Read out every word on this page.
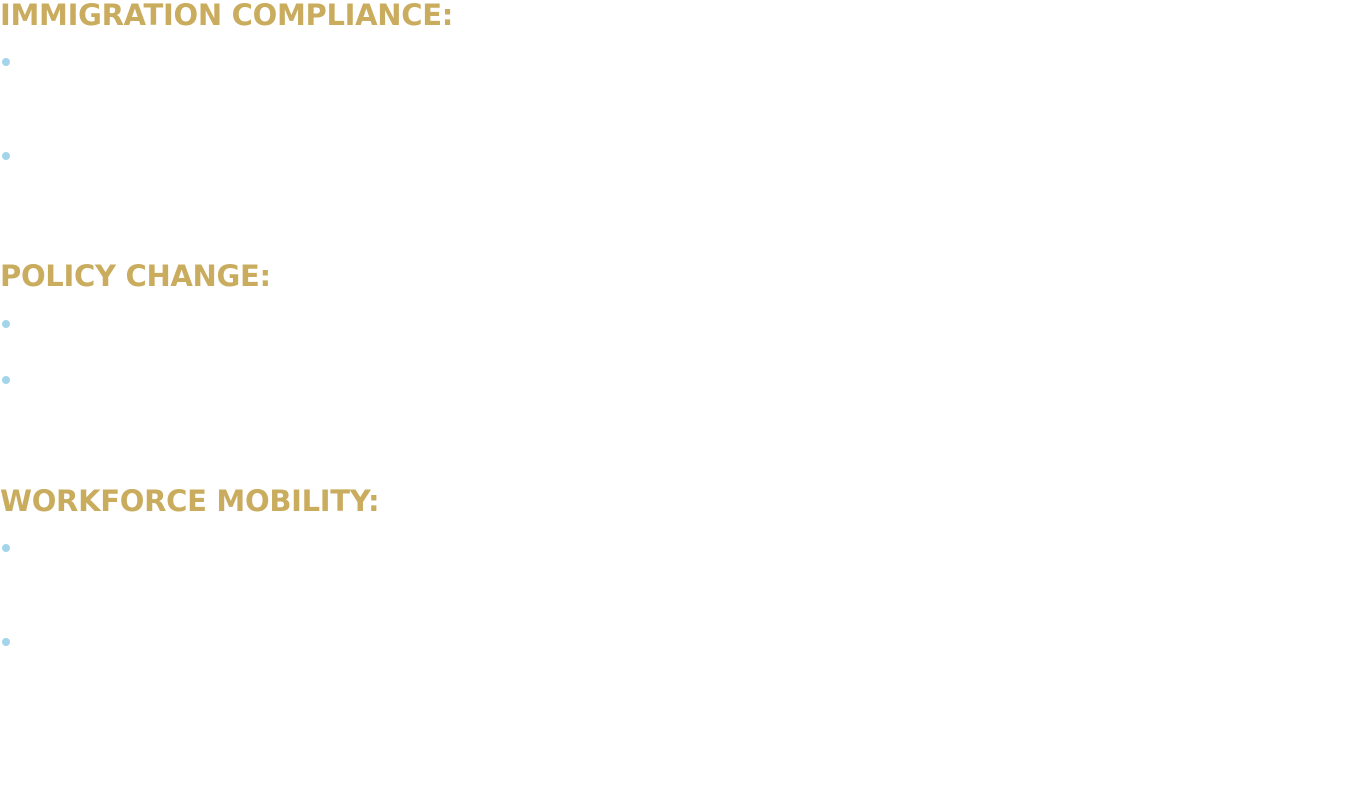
IMMIGRATION COMPLIANCE:
POLICY CHANGE:
WORKFORCE MOBILITY:
